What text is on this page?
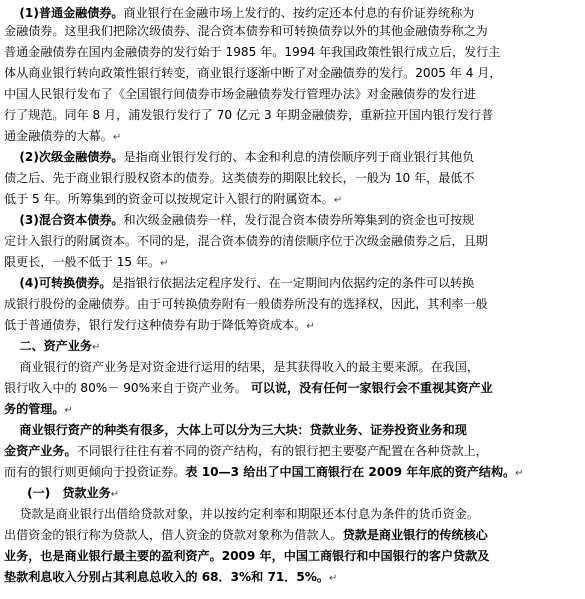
(1)普通金融债券。商业银行在金融市场上发行的、按约定还本付息的有价证券统称为
金融债券。这里我们把除次级债券、混合资本债券和可转换债券以外的其他金融债券称之为
普通金融债券在国内金融债券的发行始于 1985 年。1994 年我国政策性银行成立后，发行主
体从商业银行转向政策性银行转变，商业银行逐渐中断了对金融债券的发行。2005 年 4 月，
中国人民银行发布了《全国银行间债券市场金融债券发行管理办法》对金融债券的发行进
行了规范。同年 8 月，浦发银行发行了 70 亿元 3 年期金融债券，重新拉开国内银行发行普
通金融债券的大幕。↵
(2)次级金融债券。是指商业银行发行的、本金和利息的清偿顺序列于商业银行其他负
债之后、先于商业银行股权资本的债券。这类债券的期限比较长，一般为 10 年，最低不
低于 5 年。所筹集到的资金可以按规定计入银行的附属资本。↵
(3)混合资本债券。和次级金融债券一样，发行混合资本债券所筹集到的资金也可按规
定计入银行的附属资本。不同的是，混合资本债券的清偿顺序位于次级金融债券之后，且期
限更长，一般不低于 15 年。↵
(4)可转换债券。是指银行依据法定程序发行、在一定期间内依据约定的条件可以转换
成银行股份的金融债券。由于可转换债券附有一般债券所没有的选择权，因此，其利率一般
低于普通债券，银行发行这种债券有助于降低筹资成本。↵
二、资产业务↵
商业银行的资产业务是对资金进行运用的结果，是其获得收入的最主要来源。在我国，
银行收入中的 80%－ 90%来自于资产业务。 可以说，没有任何一家银行会不重视其资产业
务的管理。↵
商业银行资产的种类有很多，大体上可以分为三大块：贷款业务、证券投资业务和现
金资产业务。不同银行往往有着不同的资产结构，有的银行把主要娶产配置在各种贷款上，
而有的银行则更倾向于投资证券。表 10—3 给出了中国工商银行在 2009 年年底的资产结构。↵
(一)　贷款业务↵
贷款是商业银行出借给贷款对象，并以按约定利率和期限还本付息为条件的货币资金。
出借资金的银行称为贷款人，借人资金的贷款对象称为借款人。贷款是商业银行的传统核心
业务，也是商业银行最主要的盈利资产。2009 年，中国工商银行和中国银行的客户贷款及
垫款利息收入分别占其利息总收入的 68．3%和 71．5%。↵
